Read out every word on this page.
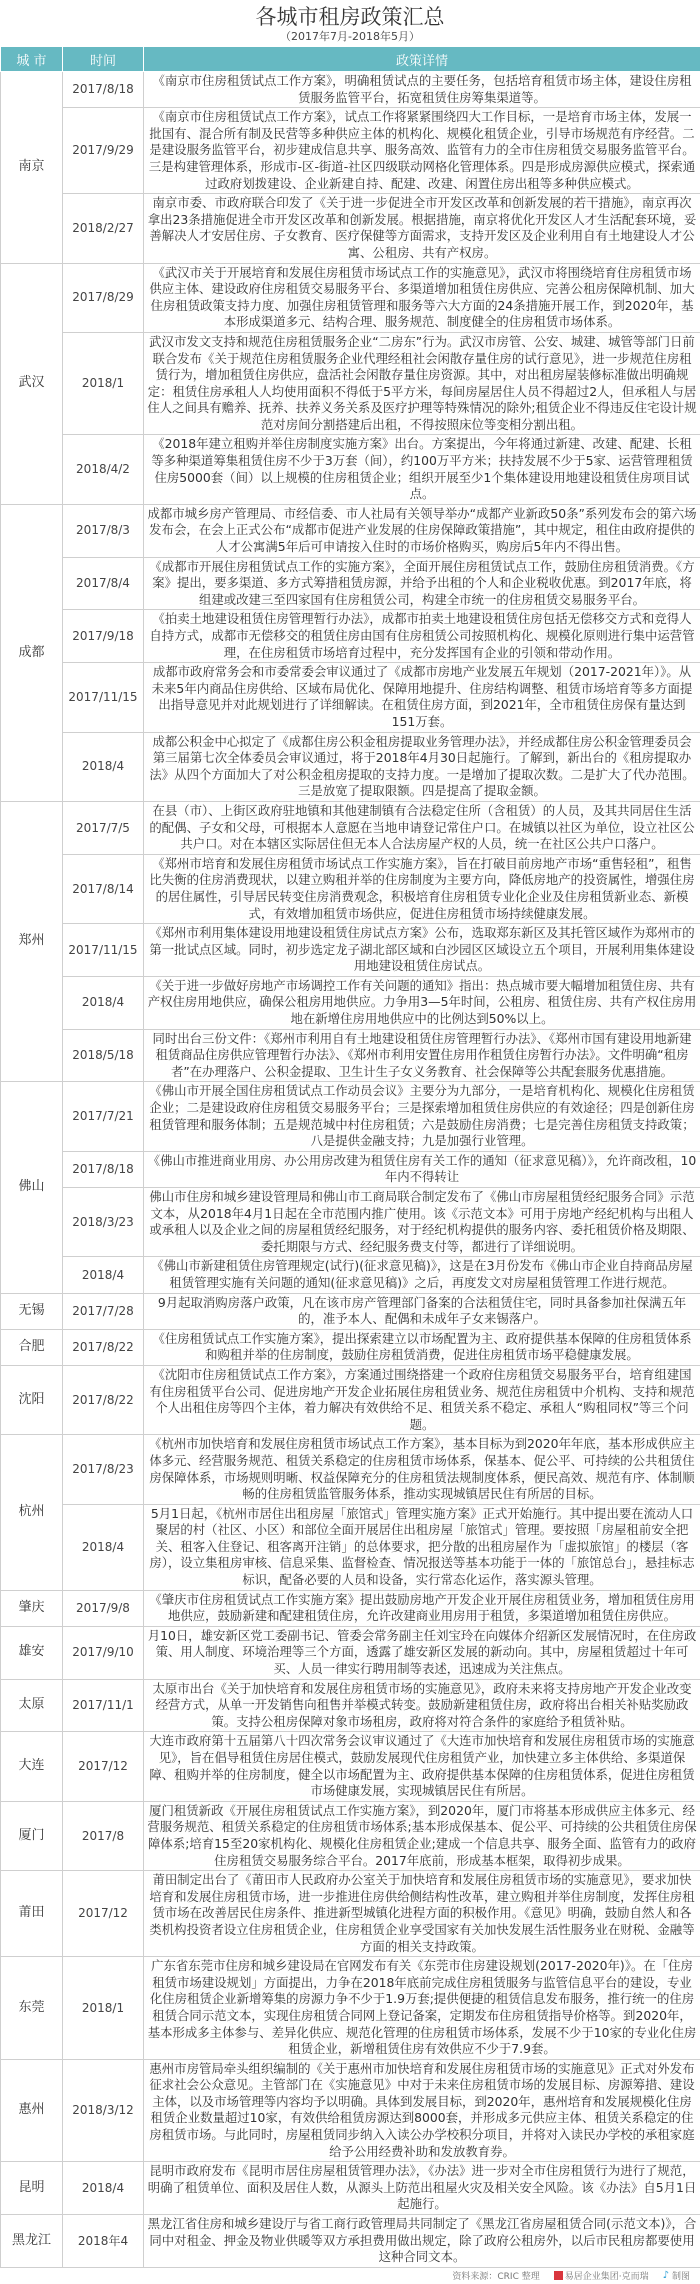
各城市租房政策汇总
（2017年7月-2018年5月）
城 市	时间	政策详情
南京	2017/8/18	《南京市住房租赁试点工作方案》，明确租赁试点的主要任务，包括培育租赁市场主体，建设住房租赁服务监管平台，拓宽租赁住房筹集渠道等。
	2017/9/29	《南京市住房租赁试点工作方案》，试点工作将紧紧围绕四大工作目标，一是培育市场主体，发展一批国有、混合所有制及民营等多种供应主体的机构化、规模化租赁企业，引导市场规范有序经营。二是建设服务监管平台，初步建成信息共享、服务高效、监管有力的全市住房租赁交易服务监管平台。三是构建管理体系，形成市-区-街道-社区四级联动网格化管理体系。四是形成房源供应模式，探索通过政府划拨建设、企业新建自持、配建、改建、闲置住房出租等多种供应模式。
	2018/2/27	南京市委、市政府联合印发了《关于进一步促进全市开发区改革和创新发展的若干措施》，南京再次拿出23条措施促进全市开发区改革和创新发展。根据措施，南京将优化开发区人才生活配套环境，妥善解决人才安居住房、子女教育、医疗保健等方面需求，支持开发区及企业利用自有土地建设人才公寓、公租房、共有产权房。
武汉	2017/8/29	《武汉市关于开展培育和发展住房租赁市场试点工作的实施意见》，武汉市将围绕培育住房租赁市场供应主体、建设政府住房租赁交易服务平台、多渠道增加租赁住房供应、完善公租房保障机制、加大住房租赁政策支持力度、加强住房租赁管理和服务等六大方面的24条措施开展工作，到2020年，基本形成渠道多元、结构合理、服务规范、制度健全的住房租赁市场体系。
	2018/1	武汉市发文支持和规范住房租赁服务企业“二房东”行为。武汉市房管、公安、城建、城管等部门日前联合发布《关于规范住房租赁服务企业代理经租社会闲散存量住房的试行意见》，进一步规范住房租赁行为，增加租赁住房供应，盘活社会闲散存量住房资源。其中，对出租房屋装修标准做出明确规定：租赁住房承租人人均使用面积不得低于5平方米，每间房屋居住人员不得超过2人，但承租人与居住人之间具有赡养、抚养、扶养义务关系及医疗护理等特殊情况的除外;租赁企业不得违反住宅设计规范对房间分割搭建后出租，不得按照床位等变相分割出租。
	2018/4/2	《2018年建立租购并举住房制度实施方案》出台。方案提出，今年将通过新建、改建、配建、长租等多种渠道筹集租赁住房不少于3万套（间），约100万平方米；扶持发展不少于5家、运营管理租赁住房5000套（间）以上规模的住房租赁企业；组织开展至少1个集体建设用地建设租赁住房项目试点。
成都	2017/8/3	成都市城乡房产管理局、市经信委、市人社局有关领导举办“成都产业新政50条”系列发布会的第六场发布会，在会上正式公布“成都市促进产业发展的住房保障政策措施”，其中规定，租住由政府提供的人才公寓满5年后可申请按入住时的市场价格购买，购房后5年内不得出售。
	2017/8/4	《成都市开展住房租赁试点工作的实施方案》，全面开展住房租赁试点工作，鼓励住房租赁消费。《方案》提出，要多渠道、多方式筹措租赁房源，并给予出租的个人和企业税收优惠。到2017年底，将组建或改建三至四家国有住房租赁公司，构建全市统一的住房租赁交易服务平台。
	2017/9/18	《拍卖土地建设租赁住房管理暂行办法》，成都市拍卖土地建设租赁住房包括无偿移交方式和竞得人自持方式，成都市无偿移交的租赁住房由国有住房租赁公司按照机构化、规模化原则进行集中运营管理，在住房租赁市场培育过程中，充分发挥国有企业的引领和带动作用。
	2017/11/15	成都市政府常务会和市委常委会审议通过了《成都市房地产业发展五年规划（2017-2021年）》。从未来5年内商品住房供给、区域布局优化、保障用地提升、住房结构调整、租赁市场培育等多方面提出指导意见并对此规划进行了详细解读。在租赁住房方面，到2021年，全市租赁住房保有量达到151万套。
	2018/4	成都公积金中心拟定了《成都住房公积金租房提取业务管理办法》，并经成都住房公积金管理委员会第三届第七次全体委员会审议通过，将于2018年4月30日起施行。了解到，新出台的《租房提取办法》从四个方面加大了对公积金租房提取的支持力度。一是增加了提取次数。二是扩大了代办范围。三是放宽了提取限额。四是提高了提取金额。
郑州	2017/7/5	在县（市）、上街区政府驻地镇和其他建制镇有合法稳定住所（含租赁）的人员，及其共同居住生活的配偶、子女和父母，可根据本人意愿在当地申请登记常住户口。在城镇以社区为单位，设立社区公共户口。对在本辖区实际居住但无本人合法房屋产权的人员，统一在社区公共户口落户。
	2017/8/14	《郑州市培育和发展住房租赁市场试点工作实施方案》，旨在打破目前房地产市场“重售轻租”，租售比失衡的住房消费现状，以建立购租并举的住房制度为主要方向，降低房地产的投资属性，增强住房的居住属性，引导居民转变住房消费观念，积极培育住房租赁专业化企业及住房租赁新业态、新模式，有效增加租赁市场供应，促进住房租赁市场持续健康发展。
	2017/11/15	《郑州市利用集体建设用地建设租赁住房试点方案》公布，选取郑东新区及其托管区域作为郑州市的第一批试点区域。同时，初步选定龙子湖北部区域和白沙园区区域设立五个项目，开展利用集体建设用地建设租赁住房试点。
	2018/4	《关于进一步做好房地产市场调控工作有关问题的通知》指出：热点城市要大幅增加租赁住房、共有产权住房用地供应，确保公租房用地供应。力争用3—5年时间，公租房、租赁住房、共有产权住房用地在新增住房用地供应中的比例达到50%以上。
	2018/5/18	同时出台三份文件：《郑州市利用自有土地建设租赁住房管理暂行办法》、《郑州市国有建设用地新建租赁商品住房供应管理暂行办法》、《郑州市利用安置住房用作租赁住房暂行办法》。文件明确“租房者”在办理落户、公积金提取、卫生计生子女义务教育、社会保障等公共配套服务优惠措施。
佛山	2017/7/21	《佛山市开展全国住房租赁试点工作动员会议》主要分为九部分，一是培育机构化、规模化住房租赁企业；二是建设政府住房租赁交易服务平台；三是探索增加租赁住房供应的有效途径；四是创新住房租赁管理和服务体制；五是规范城中村住房租赁；六是鼓励住房消费；七是完善住房租赁支持政策；八是提供金融支持；九是加强行业管理。
	2017/8/18	《佛山市推进商业用房、办公用房改建为租赁住房有关工作的通知（征求意见稿）》，允许商改租，10年内不得转让
	2018/3/23	佛山市住房和城乡建设管理局和佛山市工商局联合制定发布了《佛山市房屋租赁经纪服务合同》示范文本，从2018年4月1日起在全市范围内推广使用。该《示范文本》可用于房地产经纪机构与出租人或承租人以及企业之间的房屋租赁经纪服务，对于经纪机构提供的服务内容、委托租赁价格及期限、委托期限与方式、经纪服务费支付等，都进行了详细说明。
	2018/4	《佛山市新建租赁住房管理规定(试行)(征求意见稿)》，这是在3月份发布《佛山市企业自持商品房屋租赁管理实施有关问题的通知(征求意见稿)》之后，再度发文对房屋租赁管理工作进行规范。
无锡	2017/7/28	9月起取消购房落户政策，凡在该市房产管理部门备案的合法租赁住宅，同时具备参加社保满五年的，准予本人、配偶和未成年子女来锡落户。
合肥	2017/8/22	《住房租赁试点工作实施方案》，提出探索建立以市场配置为主、政府提供基本保障的住房租赁体系和购租并举的住房制度，鼓励住房租赁消费，促进住房租赁市场平稳健康发展。
沈阳	2017/8/22	《沈阳市住房租赁试点工作方案》，方案通过围绕搭建一个政府住房租赁交易服务平台，培育组建国有住房租赁平台公司、促进房地产开发企业拓展住房租赁业务、规范住房租赁中介机构、支持和规范个人出租住房等四个主体，着力解决有效供给不足、租赁关系不稳定、承租人“购租同权”等三个问题。
杭州	2017/8/23	《杭州市加快培育和发展住房租赁市场试点工作方案》，基本目标为到2020年年底，基本形成供应主体多元、经营服务规范、租赁关系稳定的住房租赁市场体系，保基本、促公平、可持续的公共租赁住房保障体系，市场规则明晰、权益保障充分的住房租赁法规制度体系，便民高效、规范有序、体制顺畅的住房租赁监管服务体系，推动实现城镇居民住有所居的目标。
	2018/4	5月1日起，《杭州市居住出租房屋「旅馆式」管理实施方案》正式开始施行。其中提出要在流动人口聚居的村（社区、小区）和部位全面开展居住出租房屋「旅馆式」管理。要按照「房屋租前安全把关、租客入住登记、租客离开注销」的总体要求，把分散的出租房屋作为「虚拟旅馆」的楼层（客房），设立集租房审核、信息采集、监督检查、情况报送等基本功能于一体的「旅馆总台」，悬挂标志标识，配备必要的人员和设备，实行常态化运作，落实源头管理。
肇庆	2017/9/8	《肇庆市住房租赁试点工作实施方案》提出鼓励房地产开发企业开展住房租赁业务，增加租赁住房用地供应，鼓励新建和配建租赁住房，允许改建商业用房用于租赁，多渠道增加租赁住房供应。
雄安	2017/9/10	月10日，雄安新区党工委副书记、管委会常务副主任刘宝玲在向媒体介绍新区发展情况时，在住房政策、用人制度、环境治理等三个方面，透露了雄安新区发展的新动向。其中，房屋租赁超过十年可买、人员一律实行聘用制等表述，迅速成为关注焦点。
太原	2017/11/1	太原市出台《关于加快培育和发展住房租赁市场的实施意见》，政府未来将支持房地产开发企业改变经营方式，从单一开发销售向租售并举模式转变。鼓励新建租赁住房，政府将出台相关补贴奖励政策。支持公租房保障对象市场租房，政府将对符合条件的家庭给予租赁补贴。
大连	2017/12	大连市政府第十五届第八十四次常务会议审议通过了《大连市加快培育和发展住房租赁市场的实施意见》，旨在倡导租赁住房居住模式，鼓励发展现代住房租赁产业，加快建立多主体供给、多渠道保障、租购并举的住房制度，健全以市场配置为主、政府提供基本保障的住房租赁体系，促进住房租赁市场健康发展，实现城镇居民住有所居。
厦门	2017/8	厦门租赁新政《开展住房租赁试点工作实施方案》，到2020年，厦门市将基本形成供应主体多元、经营服务规范、租赁关系稳定的住房租赁市场体系;基本形成保基本、促公平、可持续的公共租赁住房保障体系;培育15至20家机构化、规模化住房租赁企业;建成一个信息共享、服务全面、监管有力的政府住房租赁交易服务综合平台。2017年底前，形成基本框架，取得初步成果。
莆田	2017/12	莆田制定出台了《莆田市人民政府办公室关于加快培育和发展住房租赁市场的实施意见》，要求加快培育和发展住房租赁市场，进一步推进住房供给侧结构性改革，建立购租并举住房制度，发挥住房租赁市场在改善居民住房条件、推进新型城镇化进程方面的积极作用。《意见》明确，鼓励自然人和各类机构投资者设立住房租赁企业，住房租赁企业享受国家有关加快发展生活性服务业在财税、金融等方面的相关支持政策。
东莞	2018/1	广东省东莞市住房和城乡建设局在官网发布有关《东莞市住房建设规划(2017-2020年)》。在「住房租赁市场建设规划」方面提出，力争在2018年底前完成住房租赁服务与监管信息平台的建设，专业化住房租赁企业新增筹集的房源力争不少于1.9万套;提供便捷的租赁信息发布服务，推行统一的住房租赁合同示范文本，实现住房租赁合同网上登记备案，定期发布住房租赁指导价格等。到2020年，基本形成多主体参与、差异化供应、规范化管理的住房租赁市场体系，发展不少于10家的专业化住房租赁企业，新增租赁住房有效供应不少于7.9套。
惠州	2018/3/12	惠州市房管局牵头组织编制的《关于惠州市加快培育和发展住房租赁市场的实施意见》正式对外发布征求社会公众意见。主管部门在《实施意见》中对于未来住房租赁市场的发展目标、房源筹措、建设主体，以及市场管理等内容均予以明确。具体到发展目标，到2020年，惠州培育和发展规模化住房租赁企业数量超过10家，有效供给租赁房源达到8000套，并形成多元供应主体、租赁关系稳定的住房租赁市场。与此同时，房屋租赁同步纳入入读公办学校积分项目，并将对入读民办学校的承租家庭给予公用经费补助和发放教育券。
昆明	2018/4	昆明市政府发布《昆明市居住房屋租赁管理办法》，《办法》进一步对全市住房租赁行为进行了规范，明确了租赁单位、面积及居住人数，从源头上防范出租屋火灾及相关安全风险。该《办法》自5月1日起施行。
黑龙江	2018年4	黑龙江省住房和城乡建设厅与省工商行政管理局共同制定了《黑龙江省房屋租赁合同(示范文本)》，合同中对租金、押金及物业供暖等双方承担费用做出规定，除了政府公租房外，以后市民租房都要使用这种合同文本。
资料来源：CRIC 整理	易居企业集团·克而瑞 ♪ 制图
